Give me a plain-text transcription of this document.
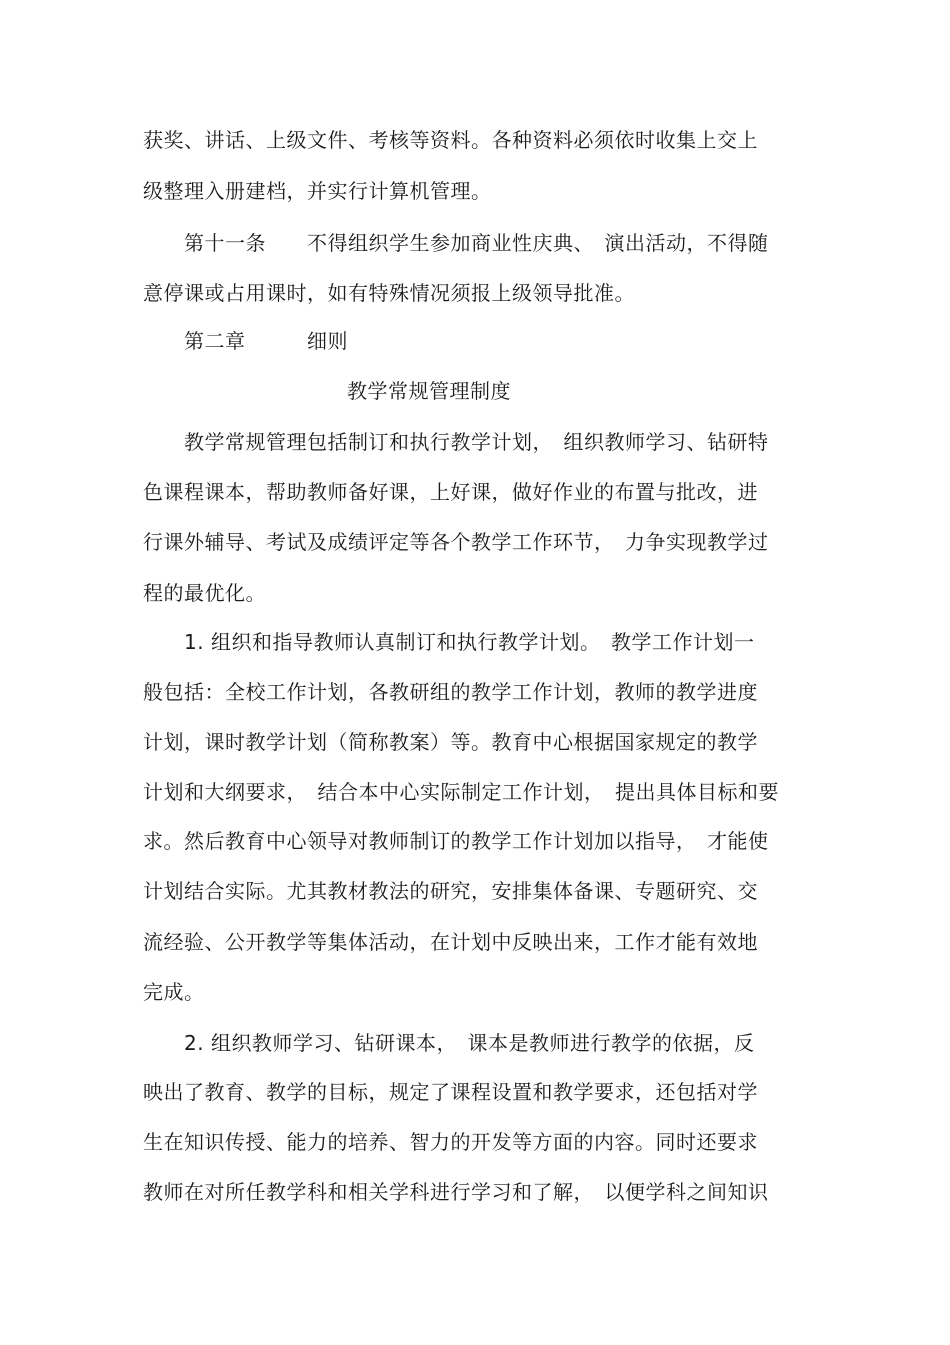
获奖、讲话、上级文件、考核等资料。各种资料必须依时收集上交上
级整理入册建档，并实行计算机管理。
　　第十一条　　不得组织学生参加商业性庆典、　演出活动，不得随
意停课或占用课时，如有特殊情况须报上级领导批准。
　　第二章　　　细则
教学常规管理制度
　　教学常规管理包括制订和执行教学计划，　组织教师学习、钻研特
色课程课本，帮助教师备好课，上好课，做好作业的布置与批改，进
行课外辅导、考试及成绩评定等各个教学工作环节，　力争实现教学过
程的最优化。
　　1. 组织和指导教师认真制订和执行教学计划。　教学工作计划一
般包括：全校工作计划，各教研组的教学工作计划，教师的教学进度
计划，课时教学计划（简称教案）等。教育中心根据国家规定的教学
计划和大纲要求，　结合本中心实际制定工作计划，　提出具体目标和要
求。然后教育中心领导对教师制订的教学工作计划加以指导，　才能使
计划结合实际。尤其教材教法的研究，安排集体备课、专题研究、交
流经验、公开教学等集体活动，在计划中反映出来，工作才能有效地
完成。
　　2. 组织教师学习、钻研课本，　课本是教师进行教学的依据，反
映出了教育、教学的目标，规定了课程设置和教学要求，还包括对学
生在知识传授、能力的培养、智力的开发等方面的内容。同时还要求
教师在对所任教学科和相关学科进行学习和了解，　以便学科之间知识
